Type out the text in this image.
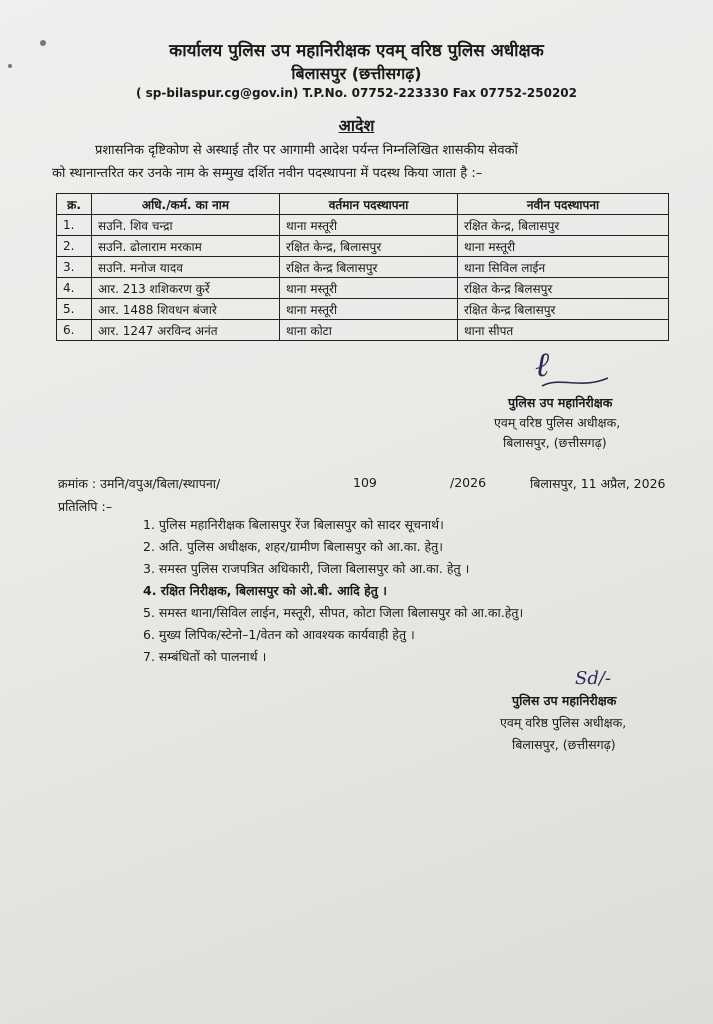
कार्यालय पुलिस उप महानिरीक्षक एवम् वरिष्ठ पुलिस अधीक्षक
बिलासपुर (छत्तीसगढ़)
( sp-bilaspur.cg@gov.in) T.P.No. 07752-223330 Fax 07752-250202
आदेश
प्रशासनिक दृष्टिकोण से अस्थाई तौर पर आगामी आदेश पर्यन्त निम्नलिखित शासकीय सेवकों
को स्थानान्तरित कर उनके नाम के सम्मुख दर्शित नवीन पदस्थापना में पदस्थ किया जाता है :–
क्र.	अधि./कर्म. का नाम	वर्तमान पदस्थापना	नवीन पदस्थापना
1.	सउनि. शिव चन्द्रा	थाना मस्तूरी	रक्षित केन्द्र, बिलासपुर
2.	सउनि. ढोलाराम मरकाम	रक्षित केन्द्र, बिलासपुर	थाना मस्तूरी
3.	सउनि. मनोज यादव	रक्षित केन्द्र बिलासपुर	थाना सिविल लाईन
4.	आर. 213 शशिकरण कुर्रे	थाना मस्तूरी	रक्षित केन्द्र बिलसपुर
5.	आर. 1488 शिवधन बंजारे	थाना मस्तूरी	रक्षित केन्द्र बिलासपुर
6.	आर. 1247 अरविन्द अनंत	थाना कोटा	थाना सीपत
ℓ
पुलिस उप महानिरीक्षक
एवम् वरिष्ठ पुलिस अधीक्षक,
बिलासपुर, (छत्तीसगढ़)
क्रमांक : उमनि/वपुअ/बिला/स्थापना/	109	/2026	बिलासपुर, 11 अप्रैल, 2026
प्रतिलिपि :–
1. पुलिस महानिरीक्षक बिलासपुर रेंज बिलासपुर को सादर सूचनार्थ।
2. अति. पुलिस अधीक्षक, शहर/ग्रामीण बिलासपुर को आ.का. हेतु।
3. समस्त पुलिस राजपत्रित अधिकारी, जिला बिलासपुर को आ.का. हेतु ।
4. रक्षित निरीक्षक, बिलासपुर को ओ.बी. आदि हेतु ।
5. समस्त थाना/सिविल लाईन, मस्तूरी, सीपत, कोटा जिला बिलासपुर को आ.का.हेतु।
6. मुख्य लिपिक/स्टेनो–1/वेतन को आवश्यक कार्यवाही हेतु ।
7. सम्बंधितों को पालनार्थ ।
Sd/-
पुलिस उप महानिरीक्षक
एवम् वरिष्ठ पुलिस अधीक्षक,
बिलासपुर, (छत्तीसगढ़)
